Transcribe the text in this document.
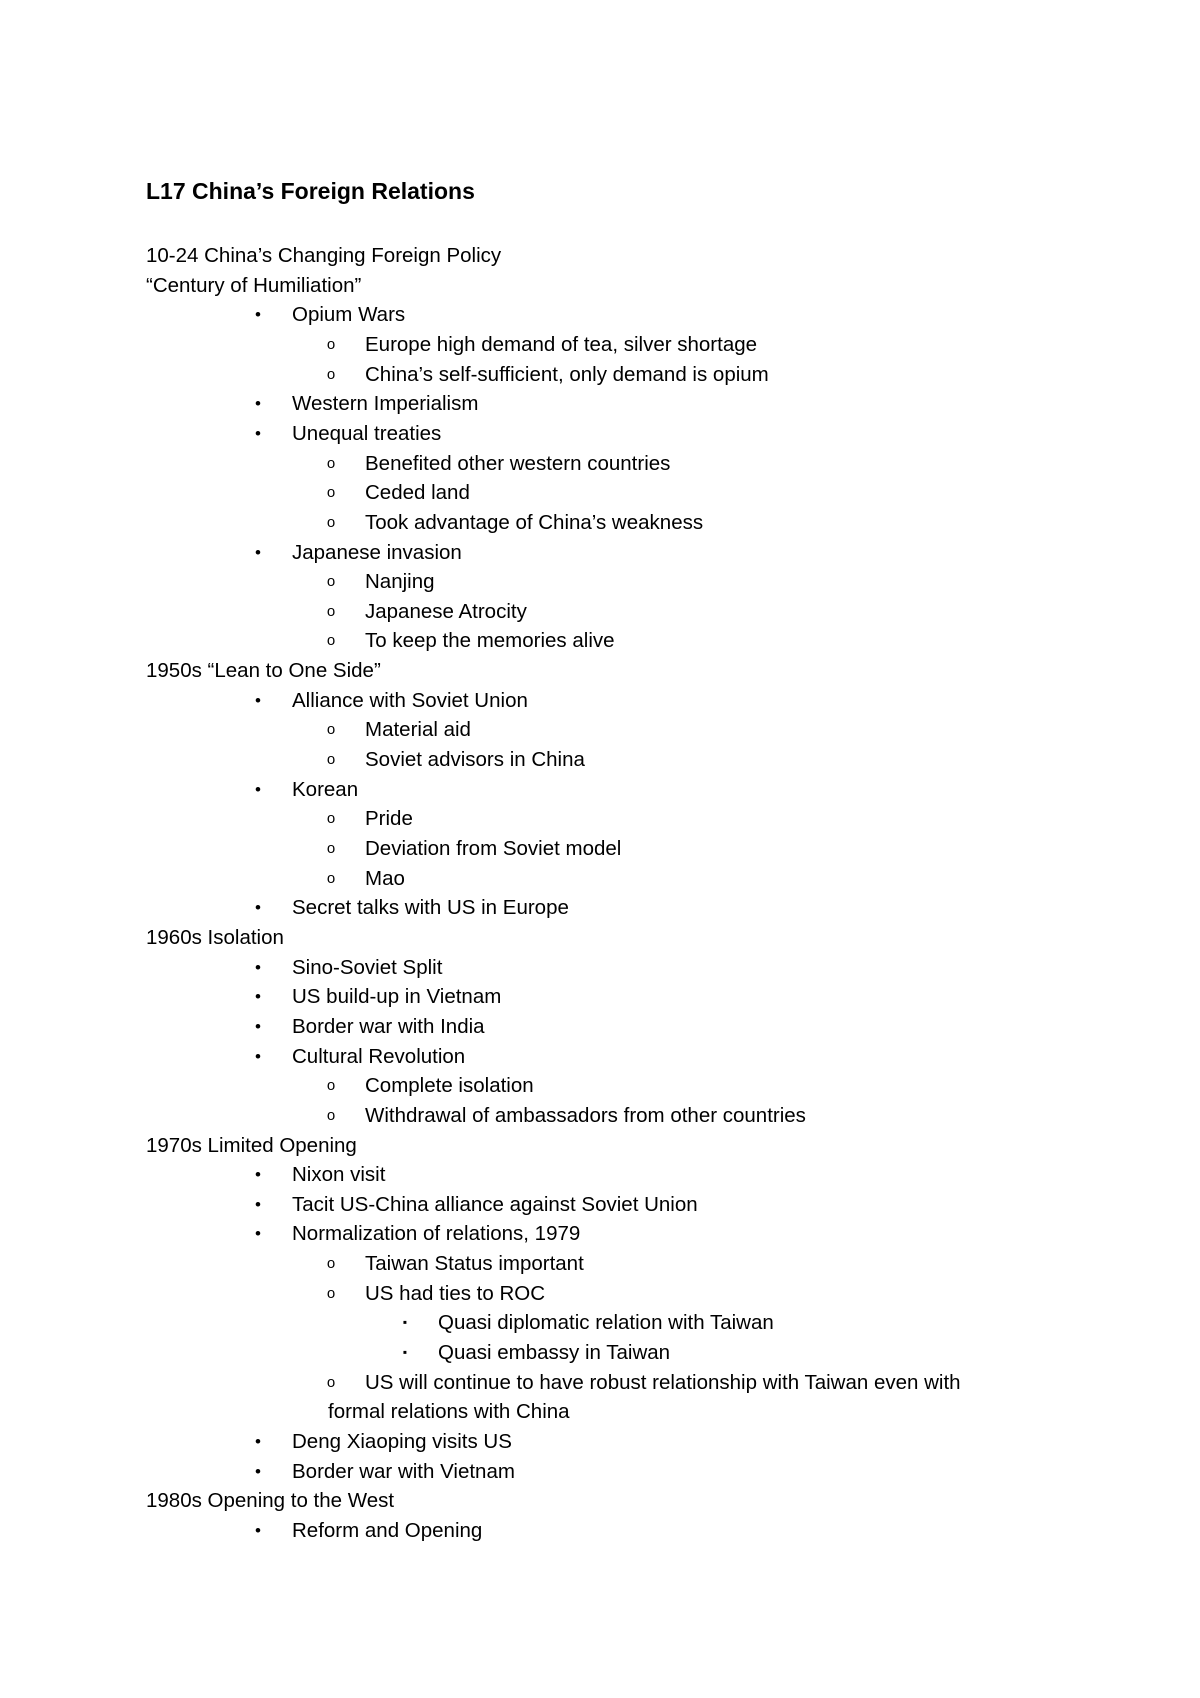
L17 China’s Foreign Relations
10-24 China’s Changing Foreign Policy
“Century of Humiliation”
•	Opium Wars
o Europe high demand of tea, silver shortage
o China’s self-sufficient, only demand is opium
•	Western Imperialism
•	Unequal treaties
o Benefited other western countries
o Ceded land
o Took advantage of China’s weakness
•	Japanese invasion
o Nanjing
o Japanese Atrocity
o To keep the memories alive
1950s “Lean to One Side”
•	Alliance with Soviet Union
o Material aid
o Soviet advisors in China
•	Korean
o Pride
o Deviation from Soviet model
o Mao
•	Secret talks with US in Europe
1960s Isolation
•	Sino-Soviet Split
•	US build-up in Vietnam
•	Border war with India
•	Cultural Revolution
o Complete isolation
o Withdrawal of ambassadors from other countries
1970s Limited Opening
•	Nixon visit
•	Tacit US-China alliance against Soviet Union
•	Normalization of relations, 1979
o Taiwan Status important
o US had ties to ROC
▪	Quasi diplomatic relation with Taiwan
▪	Quasi embassy in Taiwan
o US will continue to have robust relationship with Taiwan even with
formal relations with China
•	Deng Xiaoping visits US
•	Border war with Vietnam
1980s Opening to the West
•	Reform and Opening
